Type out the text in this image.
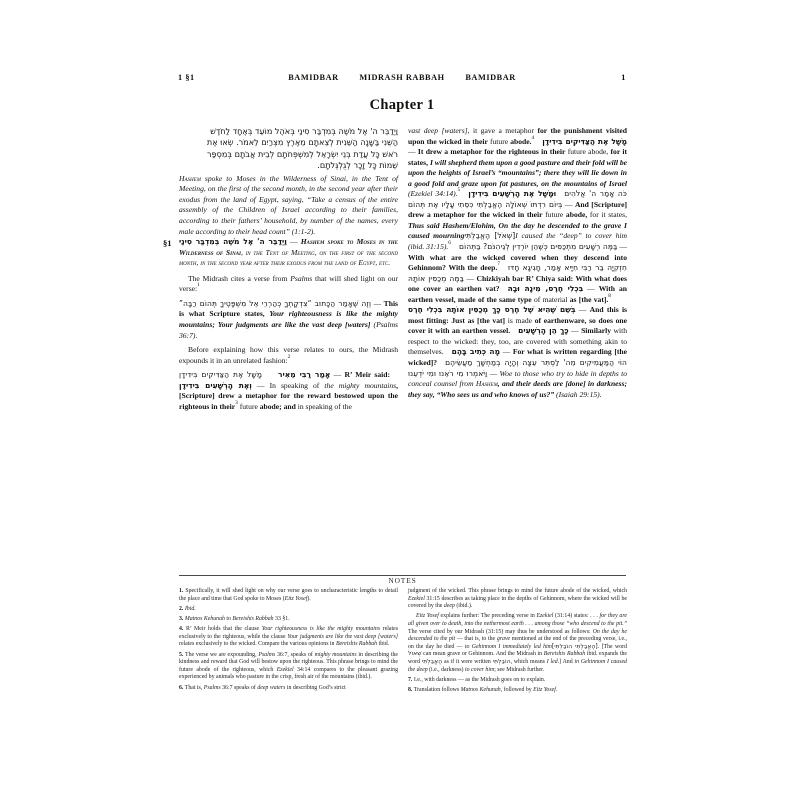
1 §1	BAMIDBAR MIDRASH RABBAH BAMIDBAR	1
Chapter 1
וַיְדַבֵּר ה' אֶל מֹשֶׁה בְּמִדְבַּר סִינַי בְּאֹהֶל מוֹעֵד בְּאֶחָד לַחֹדֶשׁ
הַשֵּׁנִי בַּשָּׁנָה הַשֵּׁנִית לְצֵאתָם מֵאֶרֶץ מִצְרַיִם לֵאמֹר. שְׂאוּ אֶת
רֹאשׁ כָּל עֲדַת בְּנֵי יִשְׂרָאֵל לְמִשְׁפְּחֹתָם לְבֵית אֲבֹתָם בְּמִסְפַּר
שֵׁמוֹת כָּל זָכָר לְגֻלְגְּלֹתָם.

Hashem spoke to Moses in the Wilderness of Sinai, in the Tent of Meeting, on the first of the second month, in the second year after their exodus from the land of Egypt, saying, “Take a census of the entire assembly of the Children of Israel according to their families, according to their fathers’ household, by number of the names, every male according to their head count” (1:1-2).

§1 וַיְדַבֵּר ה' אֶל מֹשֶׁה בְּמִדְבַּר סִינַי — Hashem spoke to Moses in the Wilderness of Sinai, in the Tent of Meeting, on the first of the second month, in the second year after their exodus from the land of Egypt, etc.

The Midrash cites a verse from Psalms that will shed light on our verse:$^1$

וְזֶה שֶׁאָמַר הַכָּתוּב “צִדְקָתְךָ כְּהַרְרֵי אֵל מִשְׁפָּטֶיךָ תְּהוֹם רַבָּה” — This is what Scripture states, Your righteousness is like the mighty mountains; Your judgments are like the vast deep [waters] (Psalms 36:7).

Before explaining how this verse relates to ours, the Midrash expounds it in an unrelated fashion:$^2$

מָשָׁל אֶת הַצַּדִּיקִים בִּידִידָן אָמַר רַבִּי מֵאִיר — R’ Meir said:וְאֶת הָרְשָׁעִים בִּידִידָן — In speaking of the mighty mountains, [Scripture] drew a metaphor for the reward bestowed upon the righteous in their$^3$ future abode; and in speaking of the

vast deep [waters], it gave a metaphor for the punishment visited upon the wicked in their future abode.$^4$ מָשָׁל אֶת הַצַּדִּיקִים בִּידִידָן — It drew a metaphor for the righteous in their future abode, for it states, I will shepherd them upon a good pasture and their fold will be upon the heights of Israel’s “mountains”; there they will lie down in a good fold and graze upon fat pastures, on the mountains of Israel (Ezekiel 34:14).$^5$ וּמָשָׁל אֶת הָרְשָׁעִים בִּידִידָן כֹּה אָמַר ה' אֱלֹהִים בְּיוֹם רִדְתּוֹ שְׁאוֹלָה הֶאֱבַלְתִּי כִּסֵּתִי עָלָיו אֶת תְּהוֹם — And [Scripture] drew a metaphor for the wicked in their future abode, for it states, Thus said Hashem/Elohim, On the day he descended to the grave I caused mourning[שְׁאֹל] הֶאֱבַלְתִּיI caused the “deep” to cover him (ibid. 31:15).$^6$ בַּמֶּה רְשָׁעִים מִתְכַּסִּים כְּשֶׁהֵן יוֹרְדִין לְגֵיהִנֹּם? בַּתְּהוֹם — With what are the wicked covered when they descend into Gehinnom? With the deep.$^7$ חִזְקִיָּה בַּר רַבִּי חִיָּיא אָמַר, חָגִיגָא חָדּוּ בַּמֶּה מְכַסִּין אוֹתָהּ — Chizkiyah bar R’ Chiya said: With what does one cover an earthen vat? בִּכְלִי חֶרֶס, מִינָהּ וּבָהּ — With an earthen vessel, made of the same type of material as [the vat].$^8$בְּשֵׁם שֶׁהִיא שֶׁל חֶרֶס כָּךְ מְכַסִּין אוֹתָהּ בִּכְלִי חֶרֶס — And this is most fitting: Just as [the vat] is made of earthenware, so does one cover it with an earthen vessel. כָּךְ הֵן הָרְשָׁעִים — Similarly with respect to the wicked: they, too, are covered with something akin to themselves. מָה כְּתִיב בָּהֶם — For what is written regarding [the wicked]? הוֹי הַמַּעֲמִיקִים מֵה' לַסְתִּר עֵצָה וְהָיָה בְמַחְשָׁךְ מַעֲשֵׂיהֶם וַיֹּאמְרוּ מִי רֹאֵנוּ וּמִי יֹדְעֵנוּ — Woe to those who try to hide in depths to conceal counsel from Hashem, and their deeds are [done] in darkness; they say, “Who sees us and who knows of us?” (Isaiah 29:15).

NOTES

1. Specifically, it will shed light on why our verse goes to uncharacteristic lengths to detail the place and time that God spoke to Moses (Eitz Yosef).

2. Ibid.

3. Matnos Kehunah to Bereishis Rabbah 33 §1.

4. R’ Meir holds that the clause Your righteousness is like the mighty mountains relates exclusively to the righteous, while the clause Your judgments are like the vast deep [waters] relates exclusively to the wicked. Compare the various opinions in Bereishis Rabbah ibid.

5. The verse we are expounding, Psalms 36:7, speaks of mighty mountains in describing the kindness and reward that God will bestow upon the righteous. This phrase brings to mind the future abode of the righteous, which Ezekiel 34:14 compares to the pleasant grazing experienced by animals who pasture in the crisp, fresh air of the mountains (ibid.).

6. That is, Psalms 36:7 speaks of deep waters in describing God’s strict

judgment of the wicked. This phrase brings to mind the future abode of the wicked, which Ezekiel 31:15 describes as taking place in the depths of Gehinnom, where the wicked will be covered by the deep (ibid.).

Eitz Yosef explains further: The preceding verse in Ezekiel (31:14) states: . . . for they are all given over to death, into the nethermost earth . . . among those “who descend to the pit.” The verse cited by our Midrash (31:15) may thus be understood as follows: On the day he descended to the pit — that is, to the grave mentioned at the end of the preceding verse, i.e., on the day he died — to Gehinnom I immediately led him[הֶאֱבַלְתִּי הוֹבַלְתִּי]. [The word שְׁאוֹל can mean grave or Gehinnom. And the Midrash in Bereishis Rabbah ibid. expands the word הֶאֱבַלְתִּי as if it were written הוֹבַלְתִּי, which means I led.] And in Gehinnom I caused the deep (i.e., darkness) to cover him; see Midrash further.

7. I.e., with darkness — as the Midrash goes on to explain.

8. Translation follows Matnos Kehunah, followed by Eitz Yosef.
